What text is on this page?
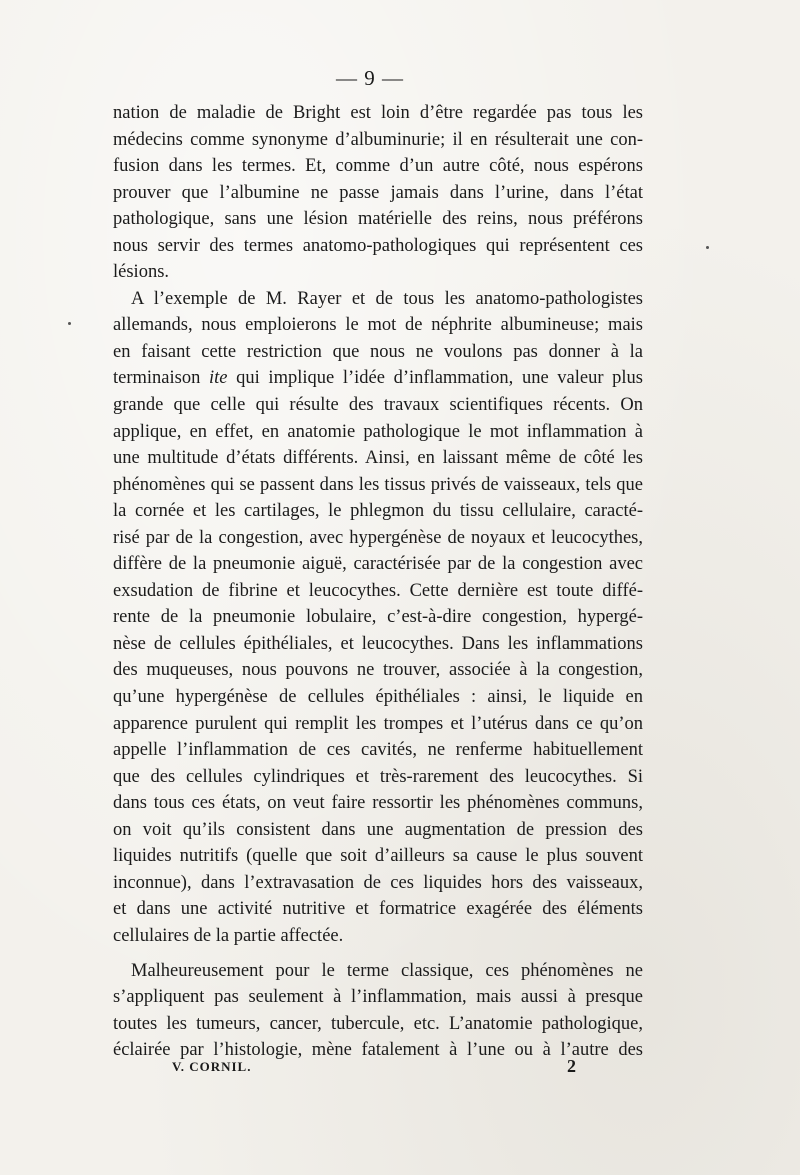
— 9 —
nation de maladie de Bright est loin d’être regardée pas tous les
médecins comme synonyme d’albuminurie; il en résulterait une con-
fusion dans les termes. Et, comme d’un autre côté, nous espérons
prouver que l’albumine ne passe jamais dans l’urine, dans l’état
pathologique, sans une lésion matérielle des reins, nous préférons
nous servir des termes anatomo-pathologiques qui représentent ces
lésions.
A l’exemple de M. Rayer et de tous les anatomo-pathologistes
allemands, nous emploierons le mot de néphrite albumineuse; mais
en faisant cette restriction que nous ne voulons pas donner à la
terminaison ite qui implique l’idée d’inflammation, une valeur plus
grande que celle qui résulte des travaux scientifiques récents. On
applique, en effet, en anatomie pathologique le mot inflammation à
une multitude d’états différents. Ainsi, en laissant même de côté les
phénomènes qui se passent dans les tissus privés de vaisseaux, tels que
la cornée et les cartilages, le phlegmon du tissu cellulaire, caracté-
risé par de la congestion, avec hypergénèse de noyaux et leucocythes,
diffère de la pneumonie aiguë, caractérisée par de la congestion avec
exsudation de fibrine et leucocythes. Cette dernière est toute diffé-
rente de la pneumonie lobulaire, c’est-à-dire congestion, hypergé-
nèse de cellules épithéliales, et leucocythes. Dans les inflammations
des muqueuses, nous pouvons ne trouver, associée à la congestion,
qu’une hypergénèse de cellules épithéliales : ainsi, le liquide en
apparence purulent qui remplit les trompes et l’utérus dans ce qu’on
appelle l’inflammation de ces cavités, ne renferme habituellement
que des cellules cylindriques et très-rarement des leucocythes. Si
dans tous ces états, on veut faire ressortir les phénomènes communs,
on voit qu’ils consistent dans une augmentation de pression des
liquides nutritifs (quelle que soit d’ailleurs sa cause le plus souvent
inconnue), dans l’extravasation de ces liquides hors des vaisseaux,
et dans une activité nutritive et formatrice exagérée des éléments
cellulaires de la partie affectée.
Malheureusement pour le terme classique, ces phénomènes ne
s’appliquent pas seulement à l’inflammation, mais aussi à presque
toutes les tumeurs, cancer, tubercule, etc. L’anatomie pathologique,
éclairée par l’histologie, mène fatalement à l’une ou à l’autre des
V. CORNIL.	2
